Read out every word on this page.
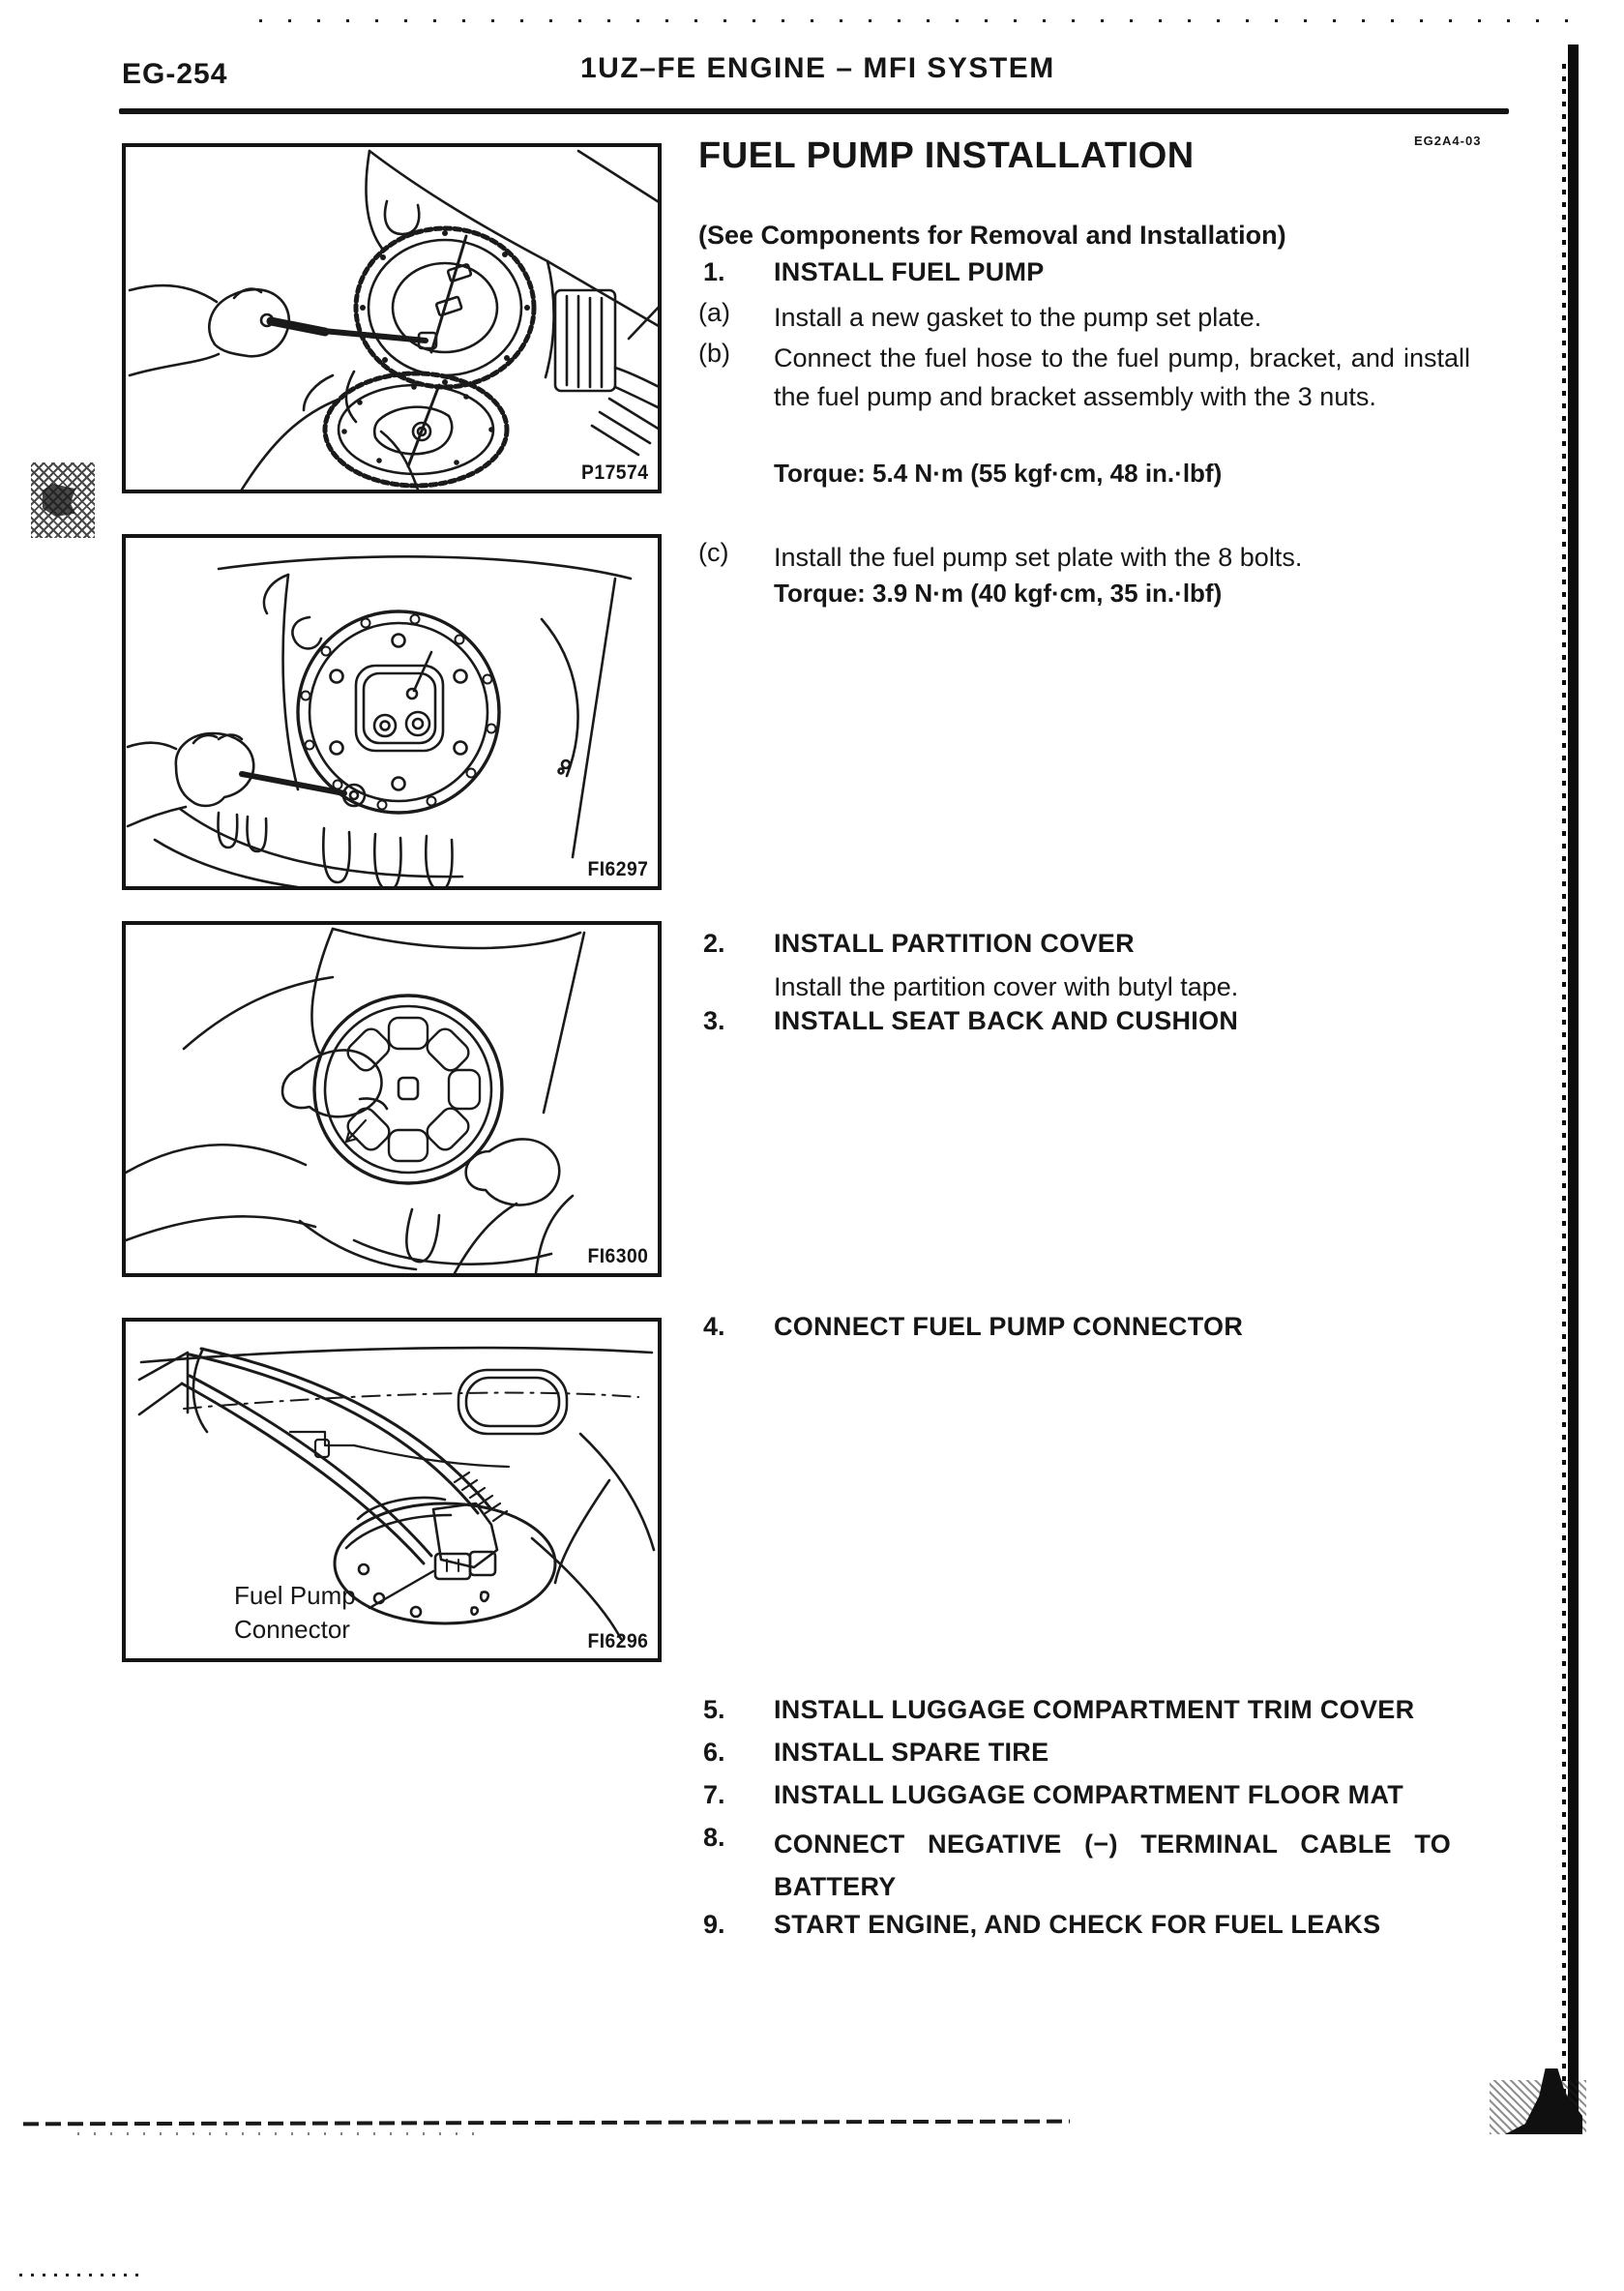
EG-254	1UZ–FE ENGINE – MFI SYSTEM
EG2A4-03
FUEL PUMP INSTALLATION
(See Components for Removal and Installation)
1. INSTALL FUEL PUMP
(a) Install a new gasket to the pump set plate.
(b) Connect the fuel hose to the fuel pump, bracket, and install the fuel pump and bracket assembly with the 3 nuts.
Torque: 5.4 N·m (55 kgf·cm, 48 in.·lbf)
(c) Install the fuel pump set plate with the 8 bolts.
Torque: 3.9 N·m (40 kgf·cm, 35 in.·lbf)
2. INSTALL PARTITION COVER
Install the partition cover with butyl tape.
3. INSTALL SEAT BACK AND CUSHION
4. CONNECT FUEL PUMP CONNECTOR
5. INSTALL LUGGAGE COMPARTMENT TRIM COVER
6. INSTALL SPARE TIRE
7. INSTALL LUGGAGE COMPARTMENT FLOOR MAT
8. CONNECT NEGATIVE (−) TERMINAL CABLE TO BATTERY
9. START ENGINE, AND CHECK FOR FUEL LEAKS
P17574
FI6297
FI6300
Fuel Pump Connector	FI6296
